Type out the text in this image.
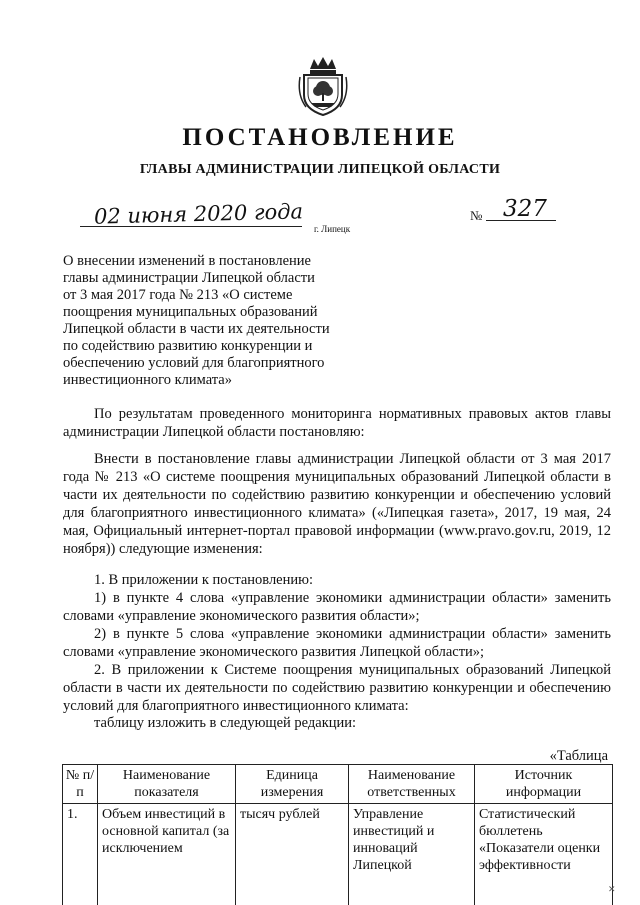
ПОСТАНОВЛЕНИЕ
ГЛАВЫ АДМИНИСТРАЦИИ ЛИПЕЦКОЙ ОБЛАСТИ
02 июня 2020 года
г. Липецк
№ 327
О внесении изменений в постановление
главы администрации Липецкой области
от 3 мая 2017 года № 213 «О системе
поощрения муниципальных образований
Липецкой области в части их деятельности
по содействию развитию конкуренции и
обеспечению условий для благоприятного
инвестиционного климата»
По результатам проведенного мониторинга нормативных правовых актов главы администрации Липецкой области постановляю:
Внести в постановление главы администрации Липецкой области от 3 мая 2017 года № 213 «О системе поощрения муниципальных образований Липецкой области в части их деятельности по содействию развитию конкуренции и обеспечению условий для благоприятного инвестиционного климата» («Липецкая газета», 2017, 19 мая, 24 мая, Официальный интернет-портал правовой информации (www.pravo.gov.ru, 2019, 12 ноября)) следующие изменения:
1. В приложении к постановлению:
1) в пункте 4 слова «управление экономики администрации области» заменить словами «управление экономического развития области»;
2) в пункте 5 слова «управление экономики администрации области» заменить словами «управление экономического развития Липецкой области»;
2. В приложении к Системе поощрения муниципальных образований Липецкой области в части их деятельности по содействию развитию конкуренции и обеспечению условий для благоприятного инвестиционного климата:
таблицу изложить в следующей редакции:
«Таблица
№ п/п	Наименование показателя	Единица измерения	Наименование ответственных	Источник информации
1.	Объем инвестиций в основной капитал (за исключением	тысяч рублей	Управление инвестиций и инноваций Липецкой	Статистический бюллетень «Показатели оценки эффективности
✕
